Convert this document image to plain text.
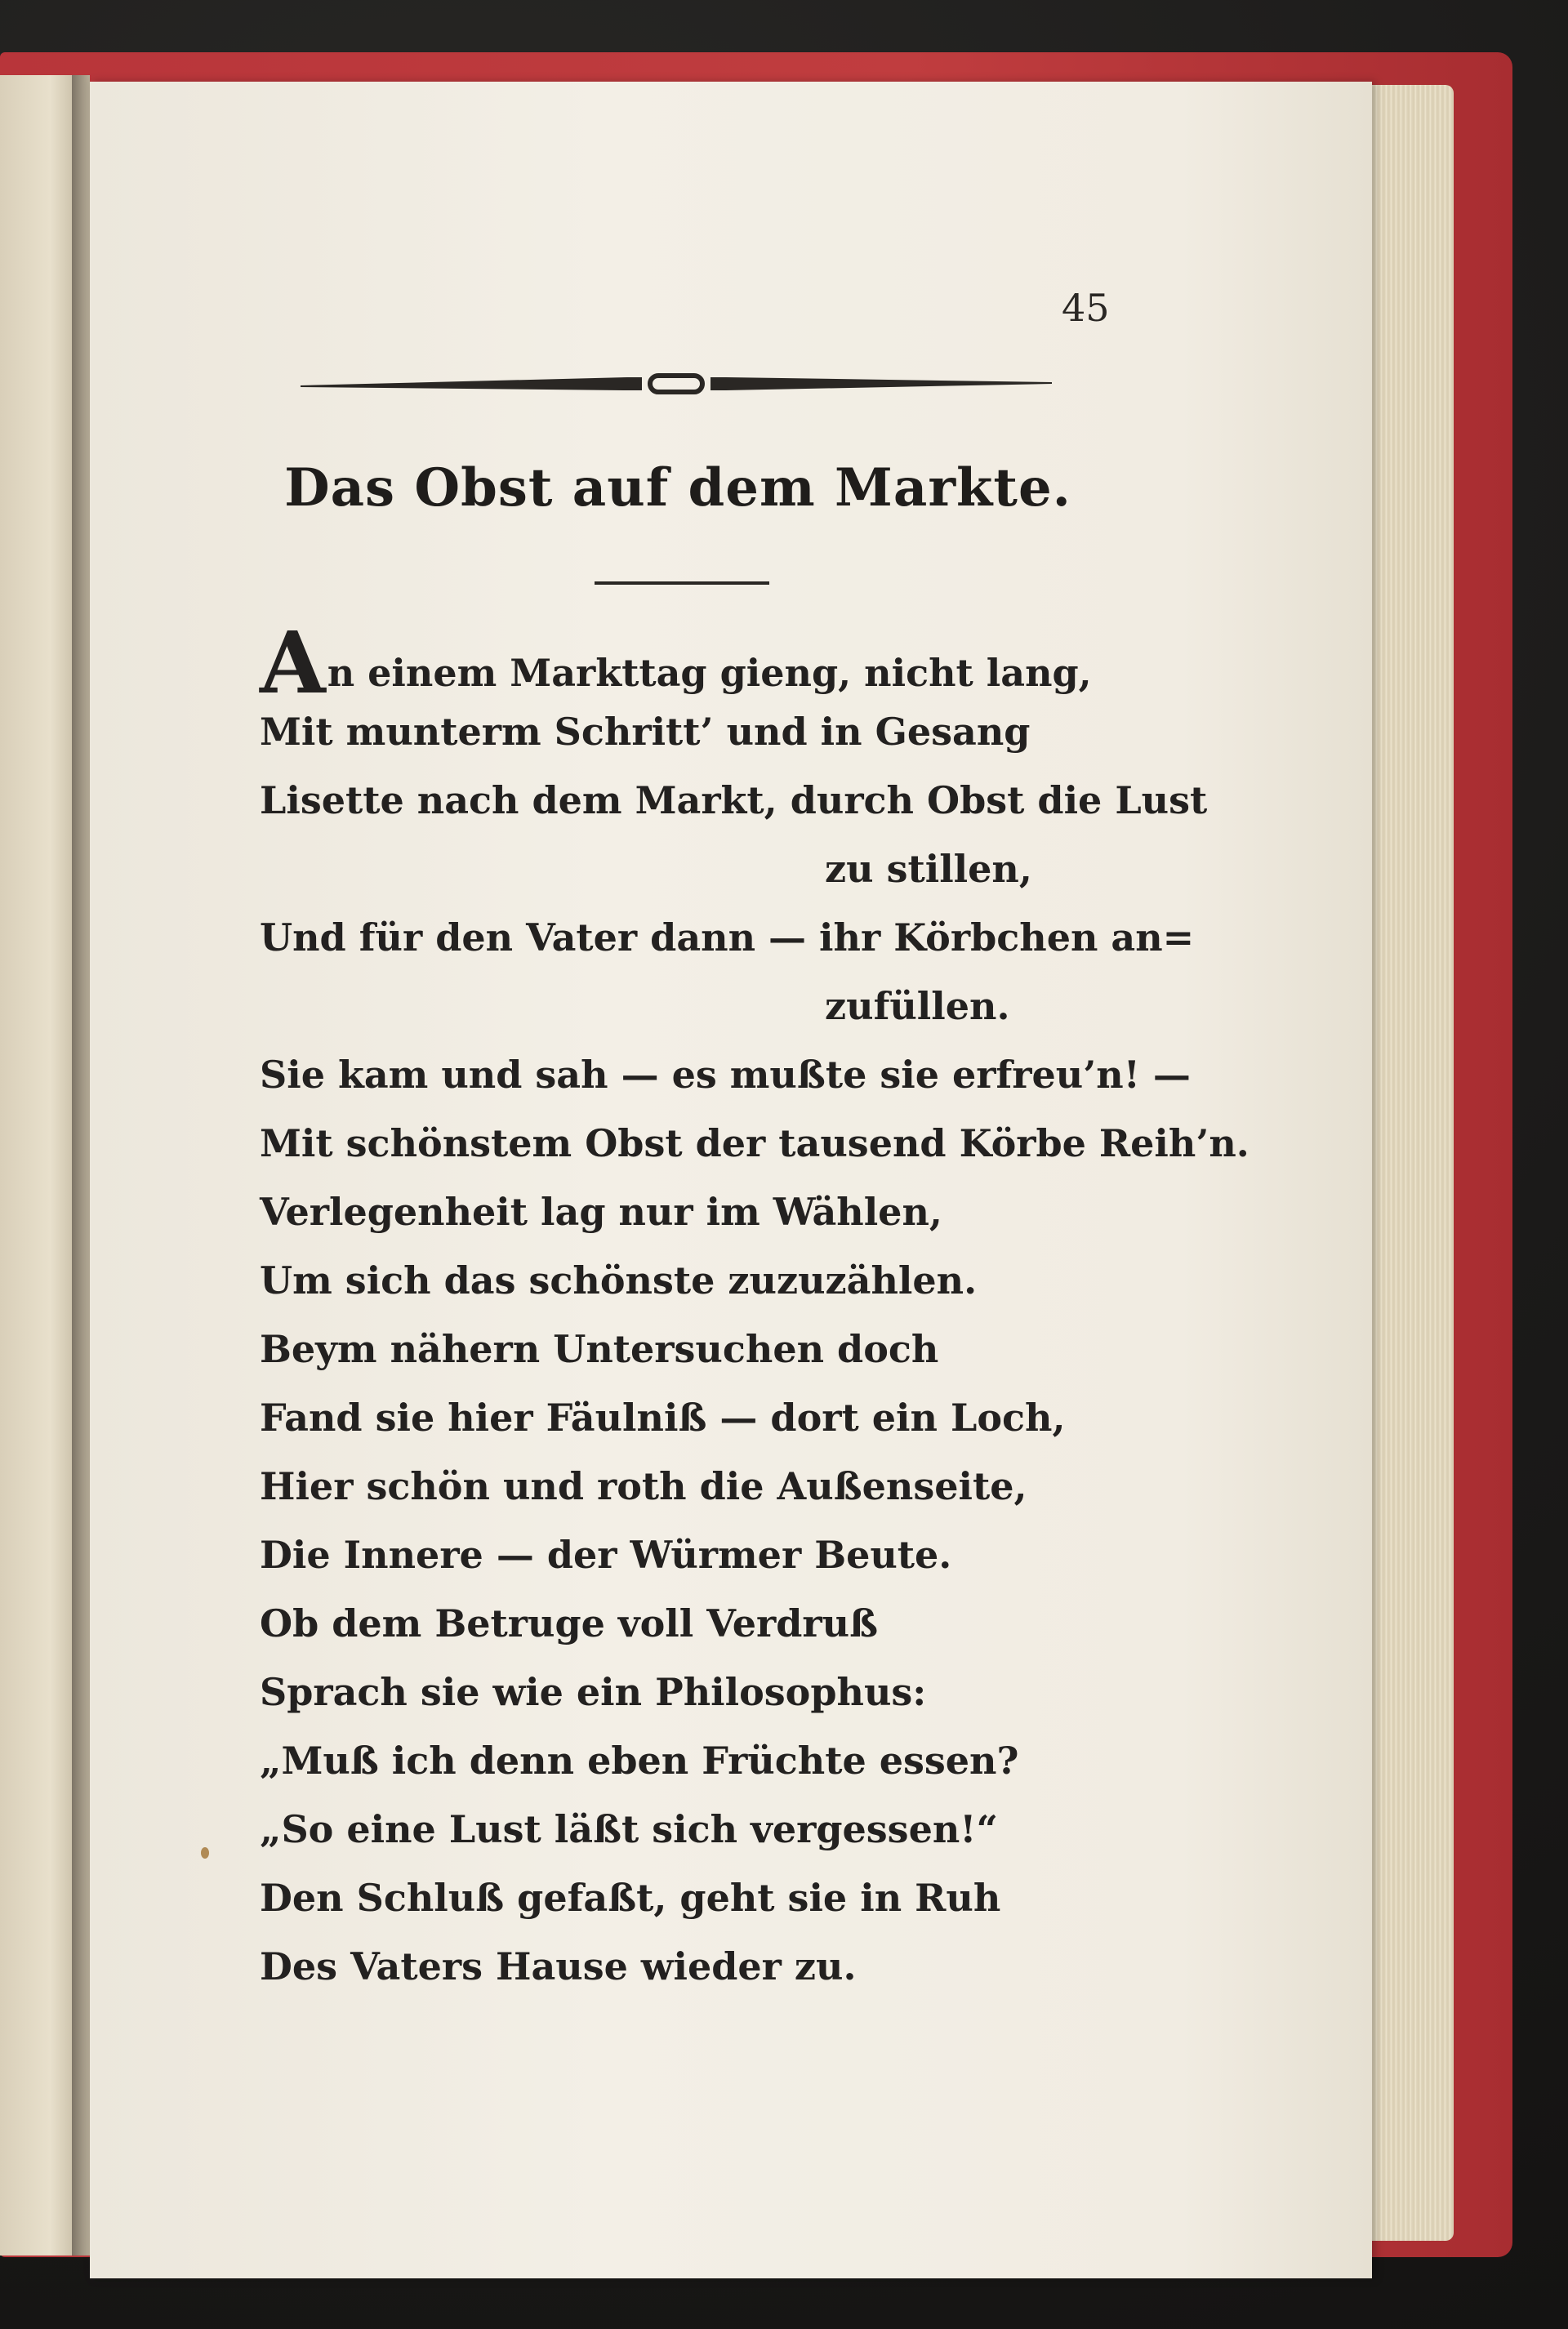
45
Das Obst auf dem Markte.
An einem Markttag gieng, nicht lang,
Mit munterm Schritt’ und in Gesang
Lisette nach dem Markt, durch Obst die Lust
zu stillen,
Und für den Vater dann — ihr Körbchen an=
zufüllen.
Sie kam und sah — es mußte sie erfreu’n! —
Mit schönstem Obst der tausend Körbe Reih’n.
Verlegenheit lag nur im Wählen,
Um sich das schönste zuzuzählen.
Beym nähern Untersuchen doch
Fand sie hier Fäulniß — dort ein Loch,
Hier schön und roth die Außenseite,
Die Innere — der Würmer Beute.
Ob dem Betruge voll Verdruß
Sprach sie wie ein Philosophus:
„Muß ich denn eben Früchte essen?
„So eine Lust läßt sich vergessen!“
Den Schluß gefaßt, geht sie in Ruh
Des Vaters Hause wieder zu.
